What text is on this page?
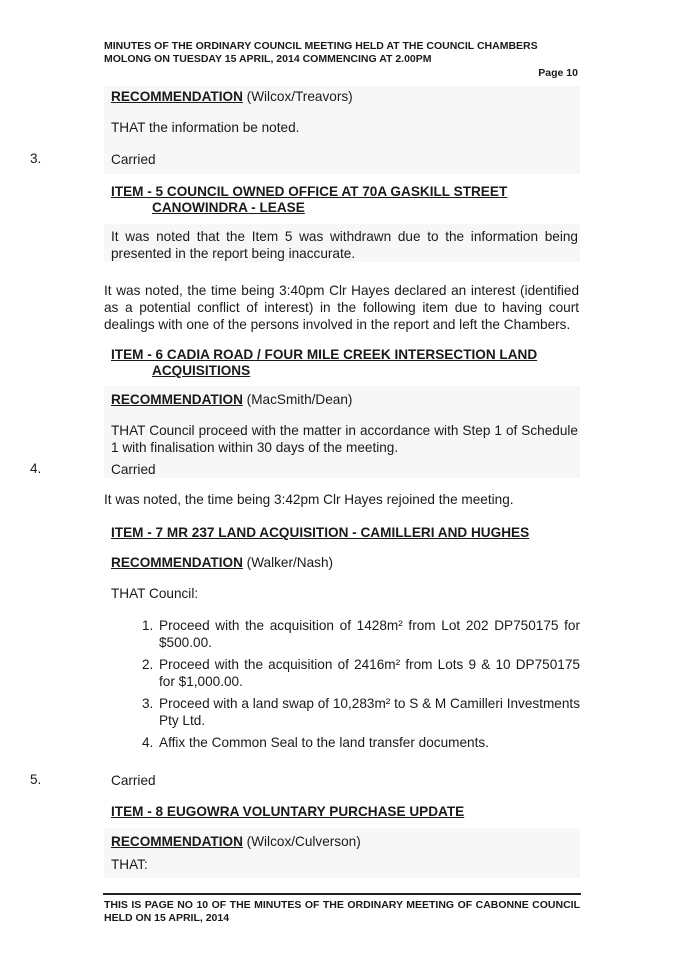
MINUTES OF THE ORDINARY COUNCIL MEETING HELD AT THE COUNCIL CHAMBERS
MOLONG ON TUESDAY 15 APRIL, 2014 COMMENCING AT 2.00PM
Page 10
RECOMMENDATION (Wilcox/Treavors)
THAT the information be noted.
3.	Carried
ITEM - 5 COUNCIL OWNED OFFICE AT 70A GASKILL STREET
CANOWINDRA - LEASE
It was noted that the Item 5 was withdrawn due to the information being presented in the report being inaccurate.
It was noted, the time being 3:40pm Clr Hayes declared an interest (identified as a potential conflict of interest) in the following item due to having court dealings with one of the persons involved in the report and left the Chambers.
ITEM - 6 CADIA ROAD / FOUR MILE CREEK INTERSECTION LAND
ACQUISITIONS
RECOMMENDATION (MacSmith/Dean)
THAT Council proceed with the matter in accordance with Step 1 of Schedule 1 with finalisation within 30 days of the meeting.
4.	Carried
It was noted, the time being 3:42pm Clr Hayes rejoined the meeting.
ITEM - 7 MR 237 LAND ACQUISITION - CAMILLERI AND HUGHES
RECOMMENDATION (Walker/Nash)
THAT Council:
1. Proceed with the acquisition of 1428m² from Lot 202 DP750175 for $500.00.
2. Proceed with the acquisition of 2416m² from Lots 9 & 10 DP750175 for $1,000.00.
3. Proceed with a land swap of 10,283m² to S & M Camilleri Investments Pty Ltd.
4. Affix the Common Seal to the land transfer documents.
5.	Carried
ITEM - 8 EUGOWRA VOLUNTARY PURCHASE UPDATE
RECOMMENDATION (Wilcox/Culverson)
THAT:
THIS IS PAGE NO 10 OF THE MINUTES OF THE ORDINARY MEETING OF CABONNE COUNCIL HELD ON 15 APRIL, 2014
